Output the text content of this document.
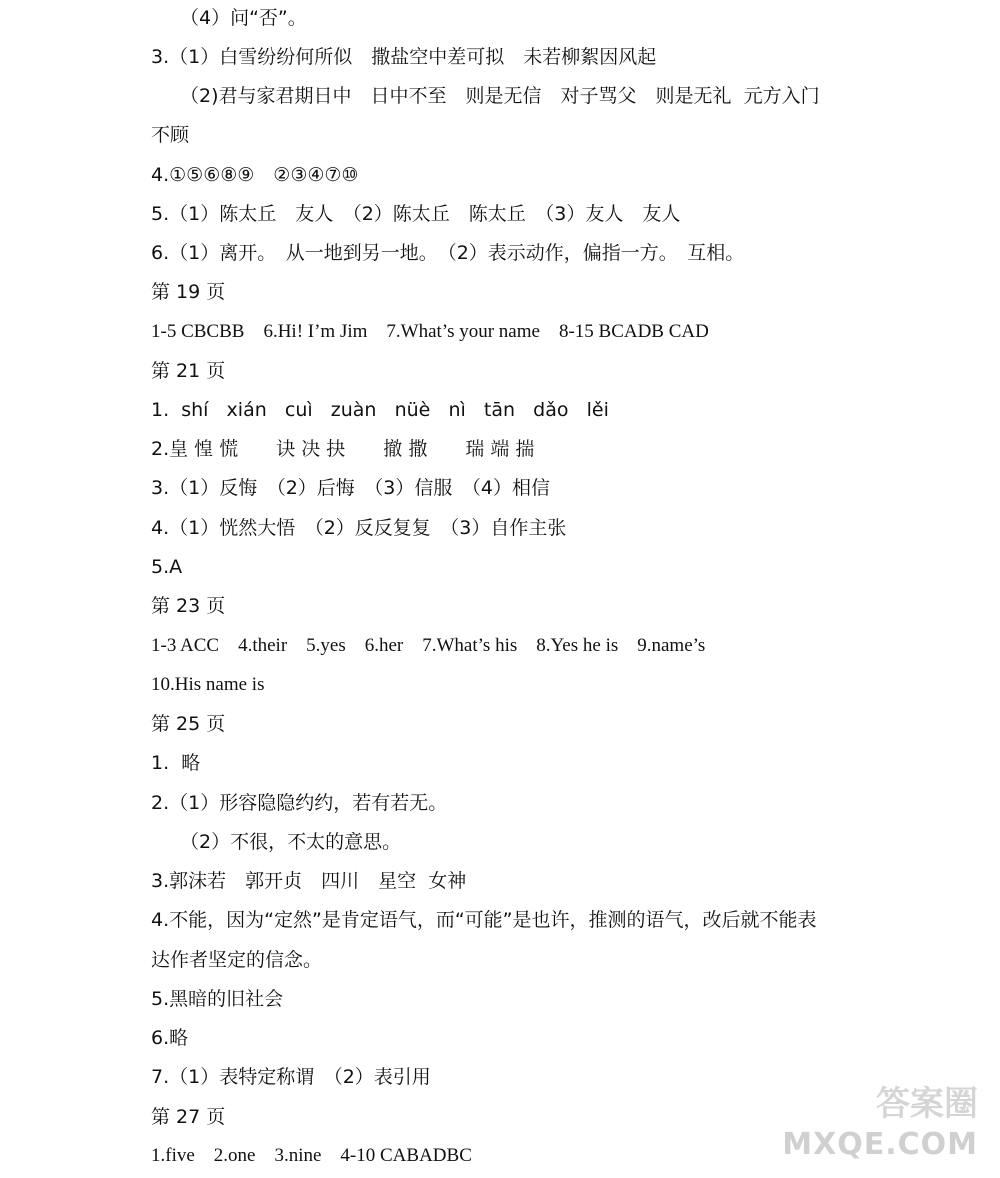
（4）问“否”。
3.（1）白雪纷纷何所似　撒盐空中差可拟　未若柳絮因风起
（2)君与家君期日中　日中不至　则是无信　对子骂父　则是无礼  元方入门
不顾
4.①⑤⑥⑧⑨　②③④⑦⑩
5.（1）陈太丘　友人　（2）陈太丘　陈太丘　（3）友人　友人
6.（1）离开。　从一地到另一地。　（2）表示动作，偏指一方。　互相。
第 19 页
1-5 CBCBB    6.Hi! I’m Jim    7.What’s your name    8-15 BCADB CAD
第 21 页
1.  shí   xián   cuì   zuàn   nüè   nì   tān   dǎo   lěi
2.皇 惶 慌　　诀 决 抉　　撤 撒　　瑞 端 揣
3.（1）反悔　（2）后悔　（3）信服　（4）相信
4.（1）恍然大悟　（2）反反复复　（3）自作主张
5.A
第 23 页
1-3 ACC    4.their    5.yes    6.her    7.What’s his    8.Yes he is    9.name’s
10.His name is
第 25 页
1.  略
2.（1）形容隐隐约约，若有若无。
（2）不很，不太的意思。
3.郭沫若　郭开贞　四川　星空  女神
4.不能，因为“定然”是肯定语气，而“可能”是也许，推测的语气，改后就不能表
达作者坚定的信念。
5.黑暗的旧社会
6.略
7.（1）表特定称谓　（2）表引用
第 27 页
1.five    2.one    3.nine    4-10 CABADBC
答案圈
MXQE.COM
